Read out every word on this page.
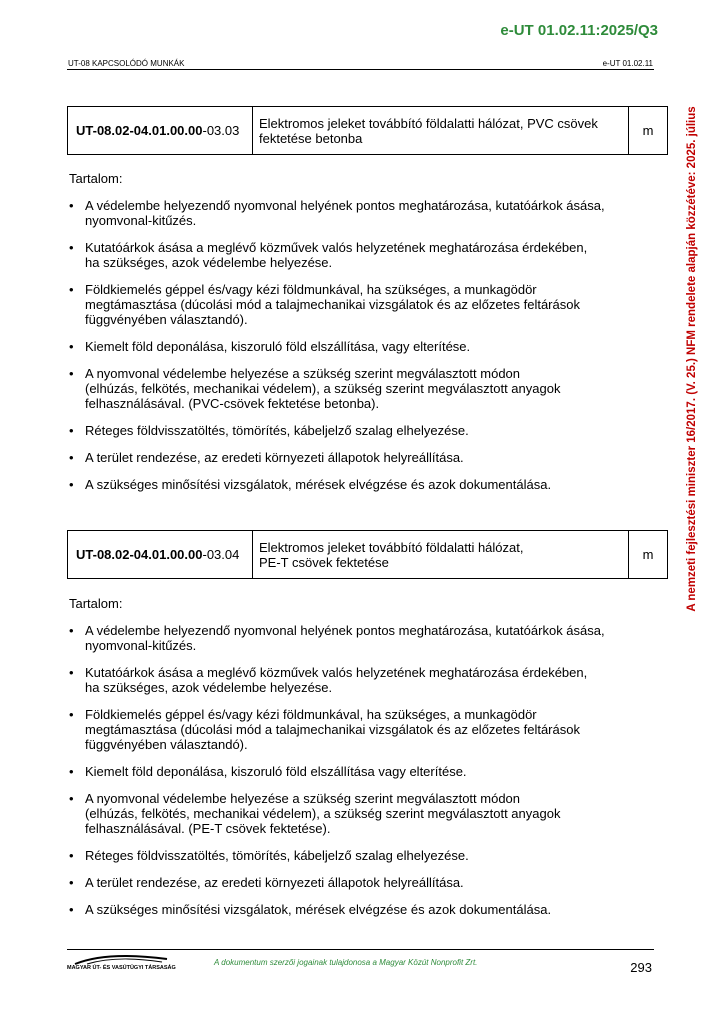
e-UT 01.02.11:2025/Q3
UT-08 KAPCSOLÓDÓ MUNKÁK	e-UT 01.02.11
A nemzeti fejlesztési miniszter 16/2017. (V. 25.) NFM rendelete alapján közzétéve: 2025. július
UT-08.02-04.01.00.00-03.03	Elektromos jeleket továbbító földalatti hálózat, PVC csövek fektetése betonba	m
Tartalom:
• A védelembe helyezendő nyomvonal helyének pontos meghatározása, kutatóárkok ásása,
nyomvonal-kitűzés.
• Kutatóárkok ásása a meglévő közművek valós helyzetének meghatározása érdekében,
ha szükséges, azok védelembe helyezése.
• Földkiemelés géppel és/vagy kézi földmunkával, ha szükséges, a munkagödör
megtámasztása (dúcolási mód a talajmechanikai vizsgálatok és az előzetes feltárások
függvényében választandó).
• Kiemelt föld deponálása, kiszoruló föld elszállítása, vagy elterítése.
• A nyomvonal védelembe helyezése a szükség szerint megválasztott módon
(elhúzás, felkötés, mechanikai védelem), a szükség szerint megválasztott anyagok
felhasználásával. (PVC-csövek fektetése betonba).
• Réteges földvisszatöltés, tömörítés, kábeljelző szalag elhelyezése.
• A terület rendezése, az eredeti környezeti állapotok helyreállítása.
• A szükséges minősítési vizsgálatok, mérések elvégzése és azok dokumentálása.
UT-08.02-04.01.00.00-03.04	Elektromos jeleket továbbító földalatti hálózat,
PE-T csövek fektetése	m
Tartalom:
• A védelembe helyezendő nyomvonal helyének pontos meghatározása, kutatóárkok ásása,
nyomvonal-kitűzés.
• Kutatóárkok ásása a meglévő közművek valós helyzetének meghatározása érdekében,
ha szükséges, azok védelembe helyezése.
• Földkiemelés géppel és/vagy kézi földmunkával, ha szükséges, a munkagödör
megtámasztása (dúcolási mód a talajmechanikai vizsgálatok és az előzetes feltárások
függvényében választandó).
• Kiemelt föld deponálása, kiszoruló föld elszállítása vagy elterítése.
• A nyomvonal védelembe helyezése a szükség szerint megválasztott módon
(elhúzás, felkötés, mechanikai védelem), a szükség szerint megválasztott anyagok
felhasználásával. (PE-T csövek fektetése).
• Réteges földvisszatöltés, tömörítés, kábeljelző szalag elhelyezése.
• A terület rendezése, az eredeti környezeti állapotok helyreállítása.
• A szükséges minősítési vizsgálatok, mérések elvégzése és azok dokumentálása.
MAGYAR ÚT- ÉS VASÚTÜGYI TÁRSASÁG
A dokumentum szerzői jogainak tulajdonosa a Magyar Közút Nonprofit Zrt.	293
